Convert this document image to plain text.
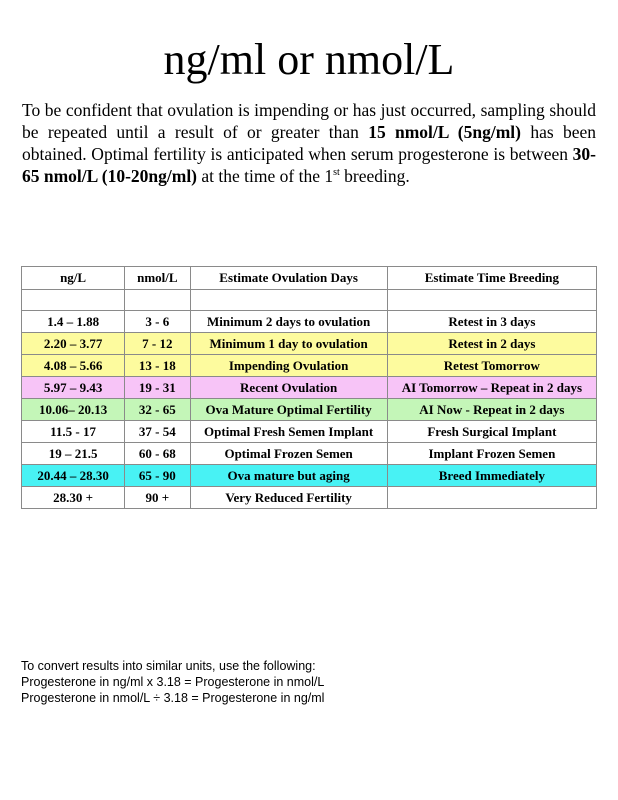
ng/ml or nmol/L

To be confident that ovulation is impending or has just occurred, sampling should be repeated until a result of or greater than 15 nmol/L (5ng/ml) has been obtained. Optimal fertility is anticipated when serum progesterone is between 30-65 nmol/L (10-20ng/ml) at the time of the 1st breeding.

ng/L	nmol/L	Estimate Ovulation Days	Estimate Time Breeding

1.4 – 1.88	3 - 6	Minimum 2 days to ovulation	Retest in 3 days
2.20 – 3.77	7 - 12	Minimum 1 day to ovulation	Retest in 2 days
4.08 – 5.66	13 - 18	Impending Ovulation	Retest Tomorrow
5.97 – 9.43	19 - 31	Recent Ovulation	AI Tomorrow – Repeat in 2 days
10.06– 20.13	32 - 65	Ova Mature Optimal Fertility	AI Now - Repeat in 2 days
11.5 - 17	37 - 54	Optimal Fresh Semen Implant	Fresh Surgical Implant
19 – 21.5	60 - 68	Optimal Frozen Semen	Implant Frozen Semen
20.44 – 28.30	65 - 90	Ova mature but aging	Breed Immediately
28.30 +	90 +	Very Reduced Fertility	
To convert results into similar units, use the following:
Progesterone in ng/ml x 3.18 = Progesterone in nmol/L
Progesterone in nmol/L ÷ 3.18 = Progesterone in ng/ml
